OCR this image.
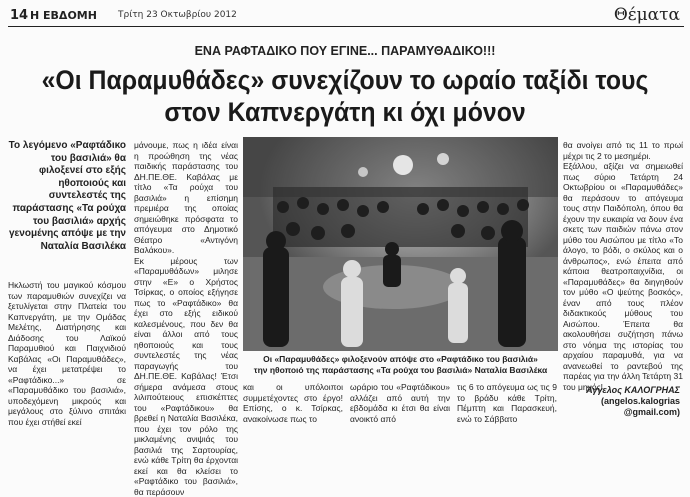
14 Η ΕΒΔΟΜΗ Τρίτη 23 Οκτωβρίου 2012	Θέματα
ΕΝΑ ΡΑΦΤΑΔΙΚΟ ΠΟΥ ΕΓΙΝΕ... ΠΑΡΑΜΥΘΑΔΙΚΟ!!!
«Οι Παραμυθάδες» συνεχίζουν το ωραίο ταξίδι τους
στον Καπνεργάτη κι όχι μόνον
Το λεγόμενο «Ραφτάδικο του βασιλιά» θα φιλοξενεί στο εξής ηθοποιούς και συντελεστές της παράστασης «Τα ρούχα του βασιλιά» αρχής γενομένης απόψε με την Ναταλία Βασιλέκα
Ηκλωστή του μαγικού κόσμου των παραμυθιών συνεχίζει να ξετυλίγεται στην Πλατεία του Καπνεργάτη, με την Ομάδας Μελέτης, Διατήρησης και Διάδοσης του Λαϊκού Παραμυθιού και Παιχνιδιού Καβάλας «Οι Παραμυθάδες», να έχει μετατρέψει το «Ραφτάδικο...» σε «Παραμυθάδικο του βασιλιά», υποδεχόμενη μικρούς και μεγάλους στο ξύλινο σπιτάκι που έχει στήθεί εκεί
μάνουμε, πως η ιδέα είναι η προώθηση της νέας παιδικής παράστασης του ΔΗ.ΠΕ.ΘΕ. Καβάλας με τίτλο «Τα ρούχα του βασιλιά» η επίσημη πρεμιέρα της οποίας σημειώθηκε πρόσφατα το απόγευμα στο Δημοτικό Θέατρο «Αντιγόνη Βαλάκου».
Εκ μέρους των «Παραμυθάδων» μιλησε στην «Ε» ο Χρήστος Τσίρκας, ο οποίος εξήγησε πως το «Ραφτάδικο» θα έχει στο εξής ειδικού καλεσμένους, που δεν θα είναι άλλοι από τους ηθοποιούς και τους συντελεστές της νέας παραγωγής του ΔΗ.ΠΕ.ΘΕ. Καβάλας! Έτσι σήμερα ανάμεσα στους λιλιπούτειους επισκέπτες του «Ραφτάδικου» θα βρεθεί η Ναταλία Βασιλέκα, που έχει τον ρόλο της μικλαμένης ανιψιάς του βασιλιά της Σαρτουρίας, ενώ κάθε Τρίτη θα έρχονται εκεί και θα κλείσει το «Ραφτάδικο του βασιλιά», θα περάσουν
θα ανοίγει από τις 11 το πρωί μέχρι τις 2 το μεσημέρι.
Εξάλλου, αξίζει να σημειωθεί πως σύριο Τετάρτη 24 Οκτωβρίου οι «Παραμυθάδες» θα περάσουν το απόγευμα τους στην Παιδόπολη, όπου θα έχουν την ευκαιρία να δουν ένα σκετς των παιδιών πάνω στον μύθο του Αισώπου με τίτλο «Το άλογο, το βόδι, ο σκύλος και ο άνθρωπος», ενώ έπειτα από κάποια θεατροπαιχνίδια, οι «Παραμυθάδες» θα διηγηθούν τον μύθο «Ο ψεύτης βοσκός», έναν από τους πλέον διδακτικούς μύθους του Αισώπου. Έπειτα θα ακολουθήσει συζήτηση πάνω στο νόημα της ιστορίας του αρχαίου παραμυθά, για να ανανεωθεί το ραντεβού της παρέας για την άλλη Τετάρτη 31 του μηνός!
και οι υπόλοιποι συμμετέχοντες στο έργο! Επίσης, ο κ. Τσίρκας, ανακοίνωσε πως το
ωράριο του «Ραφτάδικου» αλλάζει από αυτή την εβδομάδα κι έτσι θα είναι ανοικτό από
τις 6 το απόγευμα ως τις 9 το βράδυ κάθε Τρίτη, Πέμπτη και Παρασκευή, ενώ το Σάββατο
Οι «Παραμυθάδες» φιλοξενούν απόψε στο «Ραφτάδικο του βασιλιά»
την ηθοποιό της παράστασης «Τα ρούχα του βασιλιά» Ναταλία Βασιλέκα
Άγγελος ΚΑΛΟΓΡΗΑΣ
(angelos.kalogrias
@gmail.com)
